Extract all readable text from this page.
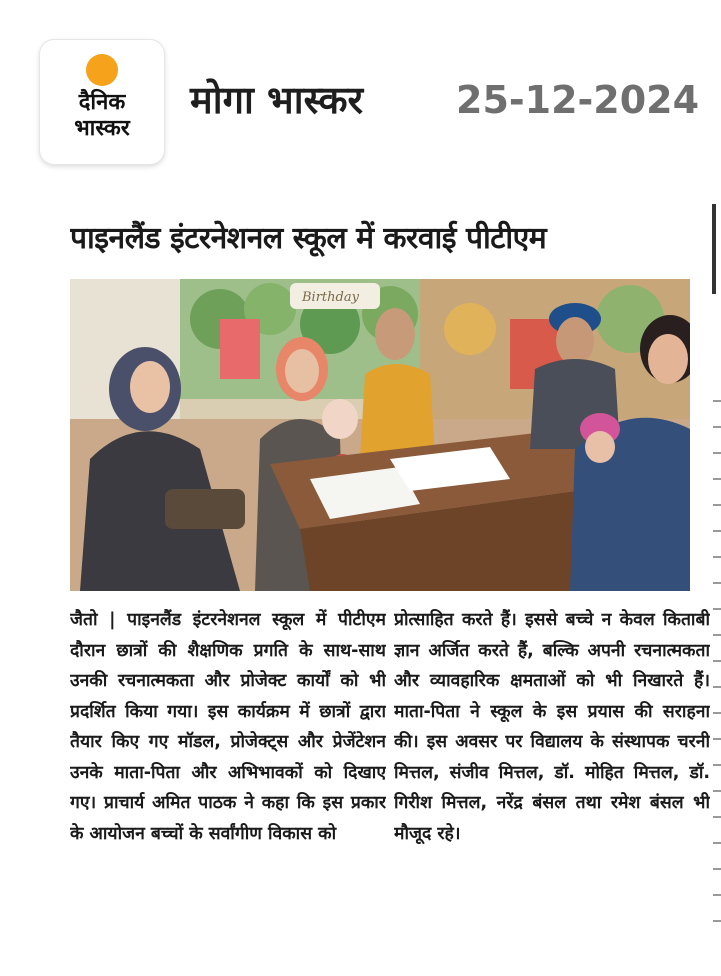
दैनिक
भास्कर
मोगा भास्कर 25-12-2024
पाइनलैंड इंटरनेशनल स्कूल में करवाई पीटीएम
Birthday
जैतो | पाइनलैंड इंटरनेशनल स्कूल में पीटीएम दौरान छात्रों की शैक्षणिक प्रगति के साथ-साथ उनकी रचनात्मकता और प्रोजेक्ट कार्यों को भी प्रदर्शित किया गया। इस कार्यक्रम में छात्रों द्वारा तैयार किए गए मॉडल, प्रोजेक्ट्स और प्रेजेंटेशन उनके माता-पिता और अभिभावकों को दिखाए गए। प्राचार्य अमित पाठक ने कहा कि इस प्रकार के आयोजन बच्चों के सर्वांगीण विकास को
प्रोत्साहित करते हैं। इससे बच्चे न केवल किताबी ज्ञान अर्जित करते हैं, बल्कि अपनी रचनात्मकता और व्यावहारिक क्षमताओं को भी निखारते हैं। माता-पिता ने स्कूल के इस प्रयास की सराहना की। इस अवसर पर विद्यालय के संस्थापक चरनी मित्तल, संजीव मित्तल, डॉ. मोहित मित्तल, डॉ. गिरीश मित्तल, नरेंद्र बंसल तथा रमेश बंसल भी मौजूद रहे।
